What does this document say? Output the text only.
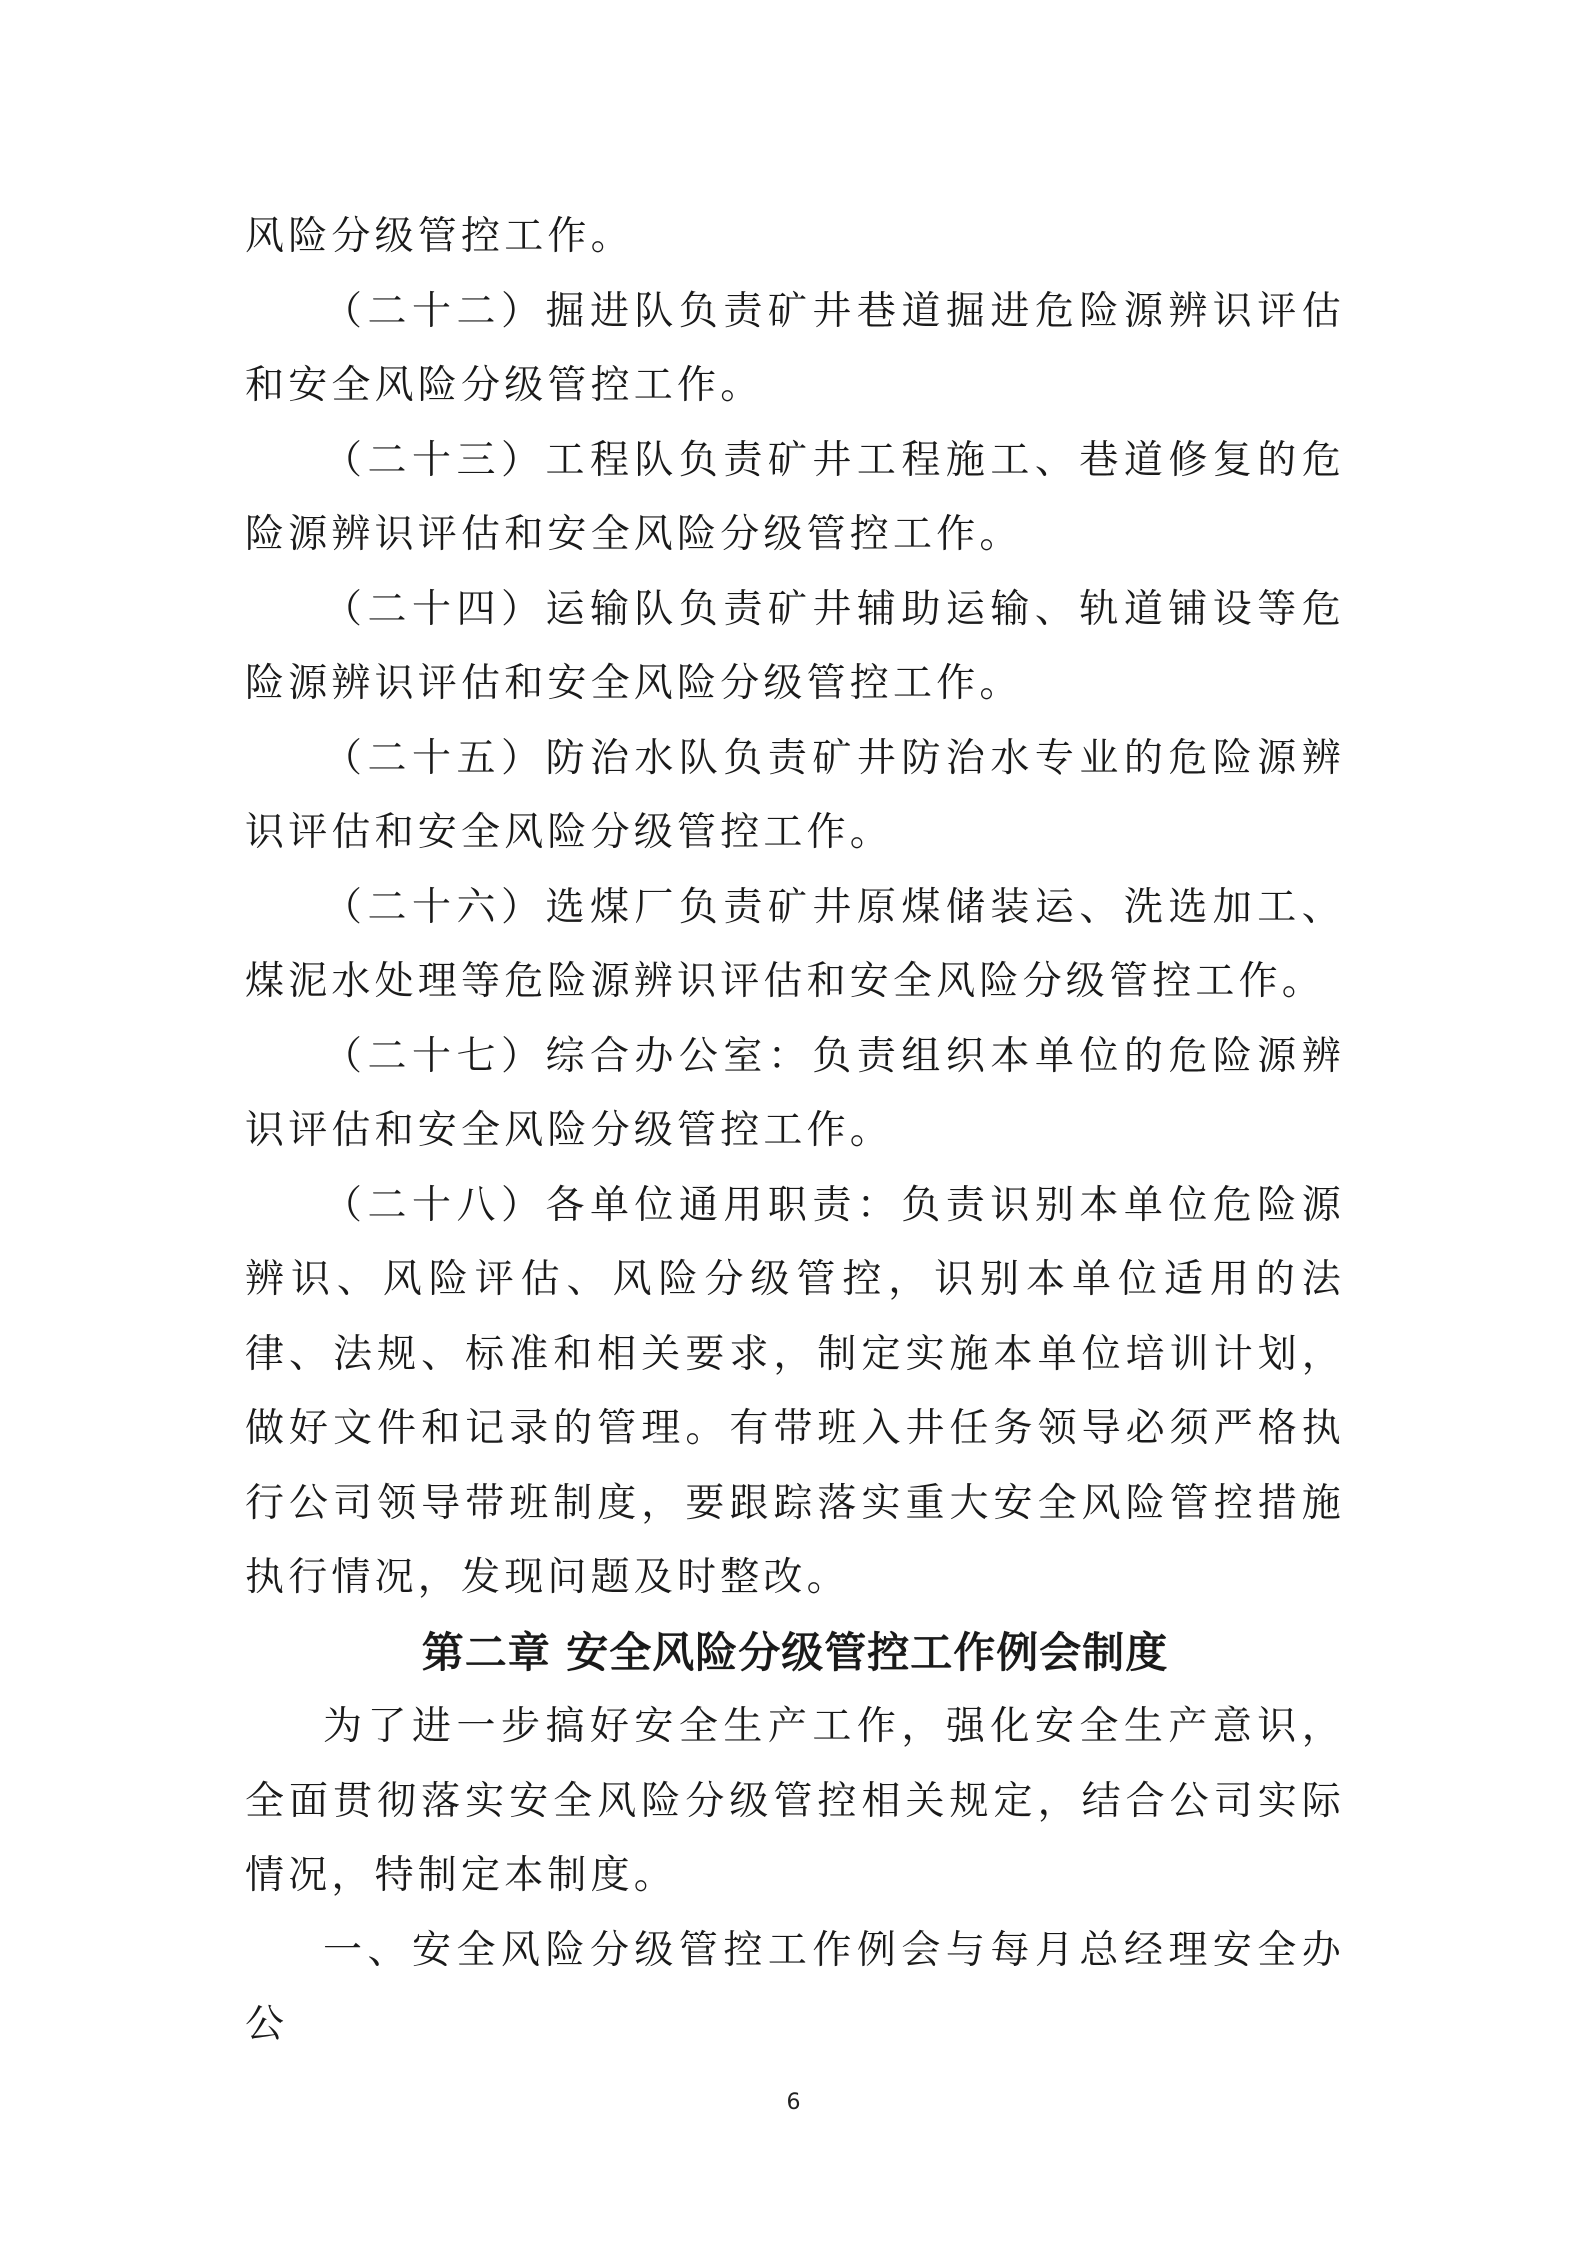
风险分级管控工作。

（二十二）掘进队负责矿井巷道掘进危险源辨识评估和安全风险分级管控工作。

（二十三）工程队负责矿井工程施工、巷道修复的危险源辨识评估和安全风险分级管控工作。

（二十四）运输队负责矿井辅助运输、轨道铺设等危险源辨识评估和安全风险分级管控工作。

（二十五）防治水队负责矿井防治水专业的危险源辨识评估和安全风险分级管控工作。

（二十六）选煤厂负责矿井原煤储装运、洗选加工、煤泥水处理等危险源辨识评估和安全风险分级管控工作。

（二十七）综合办公室：负责组织本单位的危险源辨识评估和安全风险分级管控工作。

（二十八）各单位通用职责：负责识别本单位危险源辨识、风险评估、风险分级管控，识别本单位适用的法律、法规、标准和相关要求，制定实施本单位培训计划，做好文件和记录的管理。有带班入井任务领导必须严格执行公司领导带班制度，要跟踪落实重大安全风险管控措施执行情况，发现问题及时整改。

第二章 安全风险分级管控工作例会制度

为了进一步搞好安全生产工作，强化安全生产意识，全面贯彻落实安全风险分级管控相关规定，结合公司实际情况，特制定本制度。

一、安全风险分级管控工作例会与每月总经理安全办公

6
